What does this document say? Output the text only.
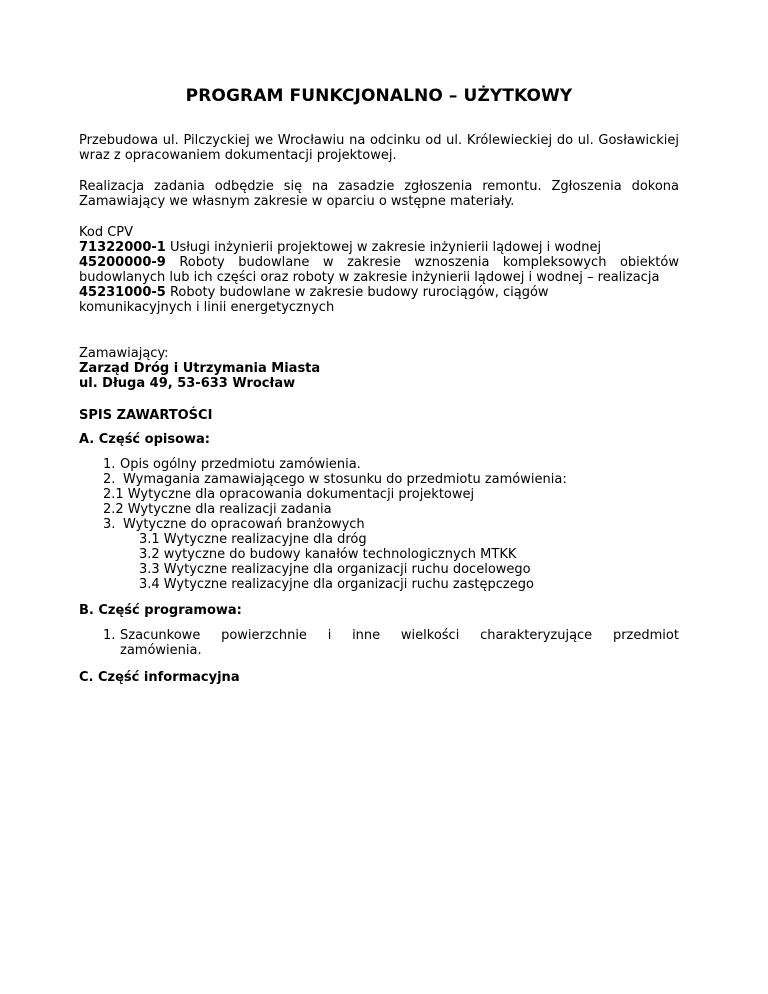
PROGRAM FUNKCJONALNO – UŻYTKOWY

Przebudowa ul. Pilczyckiej we Wrocławiu na odcinku od ul. Królewieckiej do ul. Gosławickiej wraz z opracowaniem dokumentacji projektowej.

Realizacja zadania odbędzie się na zasadzie zgłoszenia remontu. Zgłoszenia dokona Zamawiający we własnym zakresie w oparciu o wstępne materiały.

Kod CPV

71322000-1 Usługi inżynierii projektowej w zakresie inżynierii lądowej i wodnej

45200000-9 Roboty budowlane w zakresie wznoszenia kompleksowych obiektów budowlanych lub ich części oraz roboty w zakresie inżynierii lądowej i wodnej – realizacja

45231000-5 Roboty budowlane w zakresie budowy rurociągów, ciągów komunikacyjnych i linii energetycznych

Zamawiający:

Zarząd Dróg i Utrzymania Miasta

ul. Długa 49, 53-633 Wrocław

SPIS ZAWARTOŚCI
A. Część opisowa:
1. Opis ogólny przedmiotu zamówienia.
2. Wymagania zamawiającego w stosunku do przedmiotu zamówienia:
2.1 Wytyczne dla opracowania dokumentacji projektowej
2.2 Wytyczne dla realizacji zadania
3. Wytyczne do opracowań branżowych
3.1 Wytyczne realizacyjne dla dróg
3.2 wytyczne do budowy kanałów technologicznych MTKK
3.3 Wytyczne realizacyjne dla organizacji ruchu docelowego
3.4 Wytyczne realizacyjne dla organizacji ruchu zastępczego
B. Część programowa:
1. Szacunkowe powierzchnie i inne wielkości charakteryzujące przedmiot
zamówienia.
C. Część informacyjna
